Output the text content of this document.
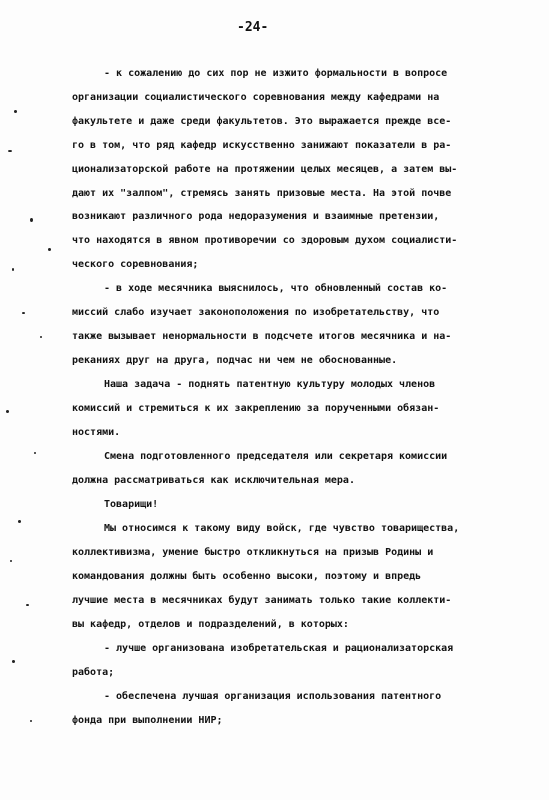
-24-
- к сожалению до сих пор не изжито формальности в вопросе
организации социалистического соревнования между кафедрами на
факультете и даже среди факультетов. Это выражается прежде все-
го в том, что ряд кафедр искусственно занижают показатели в ра-
ционализаторской работе на протяжении целых месяцев, а затем вы-
дают их "залпом", стремясь занять призовые места. На этой почве
возникают различного рода недоразумения и взаимные претензии,
что находятся в явном противоречии со здоровым духом социалисти-
ческого соревнования;
- в ходе месячника выяснилось, что обновленный состав ко-
миссий слабо изучает законоположения по изобретательству, что
также вызывает ненормальности в подсчете итогов месячника и на-
реканиях друг на друга, подчас ни чем не обоснованные.
Наша задача - поднять патентную культуру молодых членов
комиссий и стремиться к их закреплению за порученными обязан-
ностями.
Смена подготовленного председателя или секретаря комиссии
должна рассматриваться как исключительная мера.
Товарищи!
Мы относимся к такому виду войск, где чувство товарищества,
коллективизма, умение быстро откликнуться на призыв Родины и
командования должны быть особенно высоки, поэтому и впредь
лучшие места в месячниках будут занимать только такие коллекти-
вы кафедр, отделов и подразделений, в которых:
- лучше организована изобретательская и рационализаторская
работа;
- обеспечена лучшая организация использования патентного
фонда при выполнении НИР;
